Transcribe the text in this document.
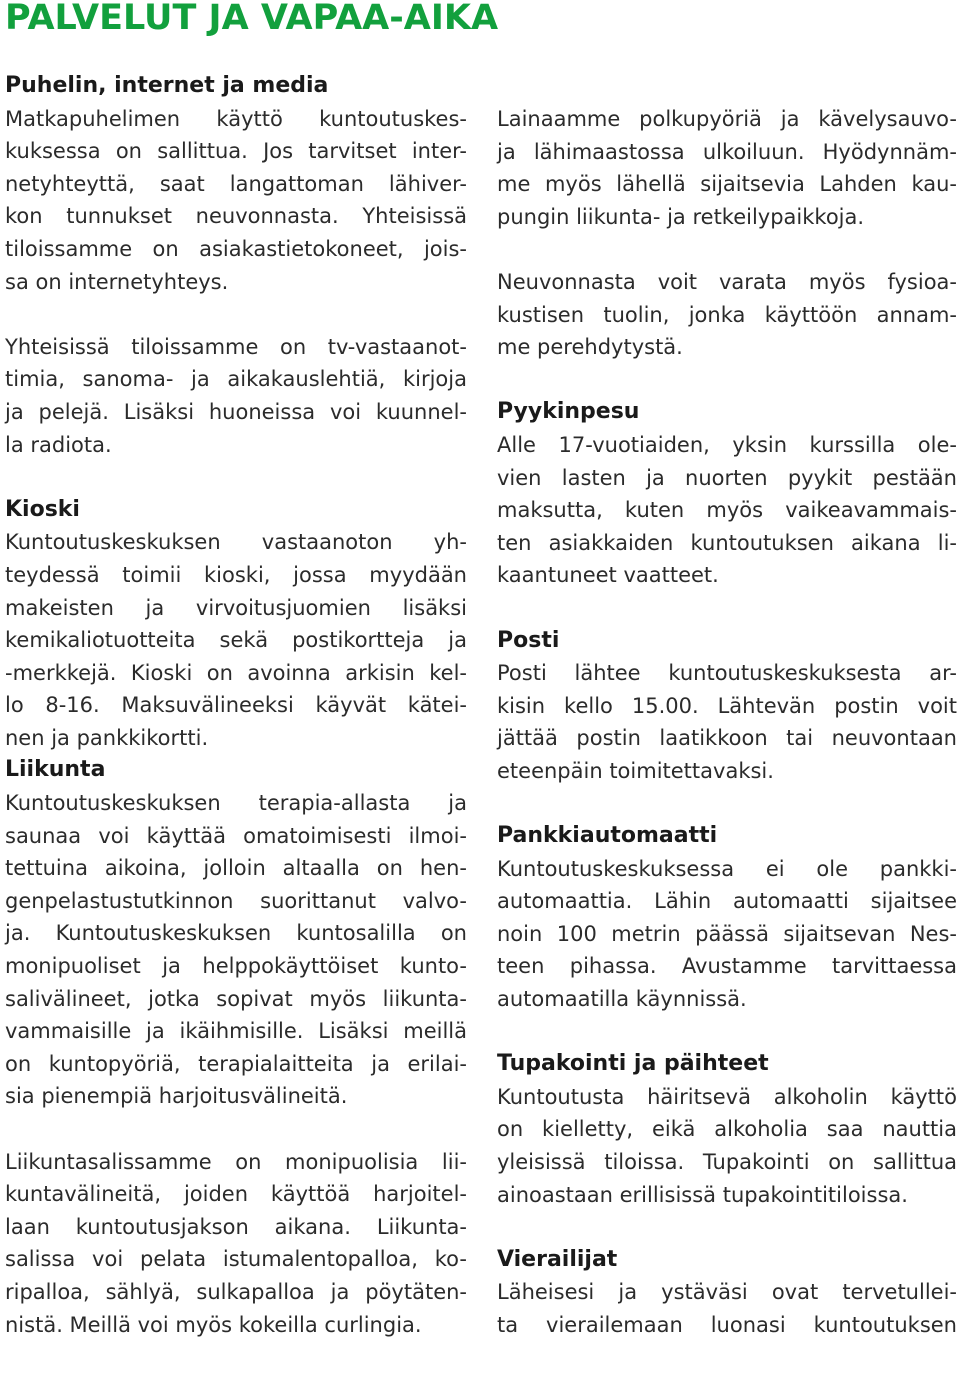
PALVELUT JA VAPAA-AIKA
Puhelin, internet ja media
Matkapuhelimen käyttö kuntoutuskes-
kuksessa on sallittua. Jos tarvitset inter-
netyhteyttä, saat langattoman lähiver-
kon tunnukset neuvonnasta. Yhteisissä
tiloissamme on asiakastietokoneet, jois-
sa on internetyhteys.
Yhteisissä tiloissamme on tv-vastaanot-
timia, sanoma- ja aikakauslehtiä, kirjoja
ja pelejä. Lisäksi huoneissa voi kuunnel-
la radiota.
Kioski
Kuntoutuskeskuksen vastaanoton yh-
teydessä toimii kioski, jossa myydään
makeisten ja virvoitusjuomien lisäksi
kemikaliotuotteita sekä postikortteja ja
-merkkejä. Kioski on avoinna arkisin kel-
lo 8-16. Maksuvälineeksi käyvät kätei-
nen ja pankkikortti.
Liikunta
Kuntoutuskeskuksen terapia-allasta ja
saunaa voi käyttää omatoimisesti ilmoi-
tettuina aikoina, jolloin altaalla on hen-
genpelastustutkinnon suorittanut valvo-
ja. Kuntoutuskeskuksen kuntosalilla on
monipuoliset ja helppokäyttöiset kunto-
salivälineet, jotka sopivat myös liikunta-
vammaisille ja ikäihmisille. Lisäksi meillä
on kuntopyöriä, terapialaitteita ja erilai-
sia pienempiä harjoitusvälineitä.
Liikuntasalissamme on monipuolisia lii-
kuntavälineitä, joiden käyttöä harjoitel-
laan kuntoutusjakson aikana. Liikunta-
salissa voi pelata istumalentopalloa, ko-
ripalloa, sählyä, sulkapalloa ja pöytäten-
nistä. Meillä voi myös kokeilla curlingia.
Lainaamme polkupyöriä ja kävelysauvo-
ja lähimaastossa ulkoiluun. Hyödynnäm-
me myös lähellä sijaitsevia Lahden kau-
pungin liikunta- ja retkeilypaikkoja.
Neuvonnasta voit varata myös fysioa-
kustisen tuolin, jonka käyttöön annam-
me perehdytystä.
Pyykinpesu
Alle 17-vuotiaiden, yksin kurssilla ole-
vien lasten ja nuorten pyykit pestään
maksutta, kuten myös vaikeavammais-
ten asiakkaiden kuntoutuksen aikana li-
kaantuneet vaatteet.
Posti
Posti lähtee kuntoutuskeskuksesta ar-
kisin kello 15.00. Lähtevän postin voit
jättää postin laatikkoon tai neuvontaan
eteenpäin toimitettavaksi.
Pankkiautomaatti
Kuntoutuskeskuksessa ei ole pankki-
automaattia. Lähin automaatti sijaitsee
noin 100 metrin päässä sijaitsevan Nes-
teen pihassa. Avustamme tarvittaessa
automaatilla käynnissä.
Tupakointi ja päihteet
Kuntoutusta häiritsevä alkoholin käyttö
on kielletty, eikä alkoholia saa nauttia
yleisissä tiloissa. Tupakointi on sallittua
ainoastaan erillisissä tupakointitiloissa.
Vierailijat
Läheisesi ja ystäväsi ovat tervetullei-
ta vierailemaan luonasi kuntoutuksen
